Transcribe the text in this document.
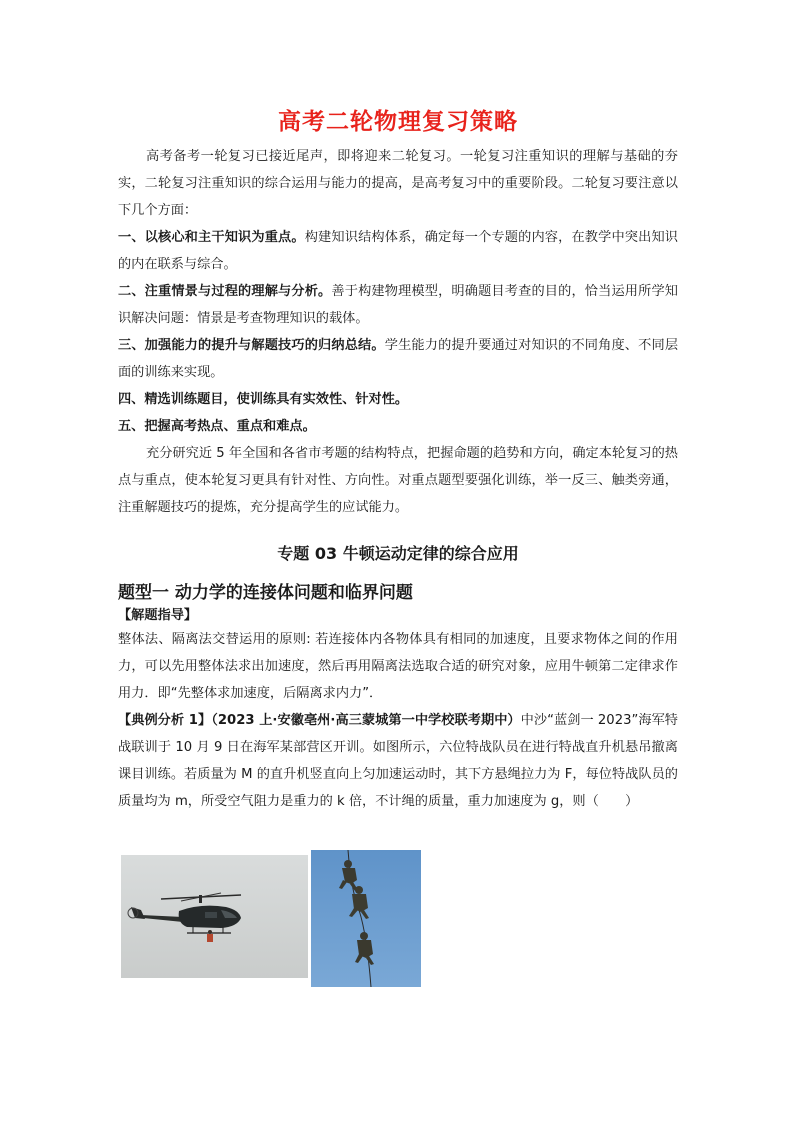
高考二轮物理复习策略

高考备考一轮复习已接近尾声，即将迎来二轮复习。一轮复习注重知识的理解与基础的夯实，二轮复习注重知识的综合运用与能力的提高，是高考复习中的重要阶段。二轮复习要注意以下几个方面：

一、以核心和主干知识为重点。构建知识结构体系，确定每一个专题的内容，在教学中突出知识的内在联系与综合。

二、注重情景与过程的理解与分析。善于构建物理模型，明确题目考查的目的，恰当运用所学知识解决问题：情景是考查物理知识的载体。

三、加强能力的提升与解题技巧的归纳总结。学生能力的提升要通过对知识的不同角度、不同层面的训练来实现。

四、精选训练题目，使训练具有实效性、针对性。

五、把握高考热点、重点和难点。

充分研究近 5 年全国和各省市考题的结构特点，把握命题的趋势和方向，确定本轮复习的热点与重点，使本轮复习更具有针对性、方向性。对重点题型要强化训练，举一反三、触类旁通，注重解题技巧的提炼，充分提高学生的应试能力。

专题 03 牛顿运动定律的综合应用
题型一 动力学的连接体问题和临界问题

【解题指导】

整体法、隔离法交替运用的原则: 若连接体内各物体具有相同的加速度，且要求物体之间的作用力，可以先用整体法求出加速度，然后再用隔离法选取合适的研究对象，应用牛顿第二定律求作用力．即“先整体求加速度，后隔离求内力”．

【典例分析 1】（2023 上·安徽亳州·高三蒙城第一中学校联考期中）中沙“蓝剑一 2023”海军特战联训于 10 月 9 日在海军某部营区开训。如图所示，六位特战队员在进行特战直升机悬吊撤离课目训练。若质量为 M 的直升机竖直向上匀加速运动时，其下方悬绳拉力为 F，每位特战队员的质量均为 m，所受空气阻力是重力的 k 倍，不计绳的质量，重力加速度为 g，则（　　）
